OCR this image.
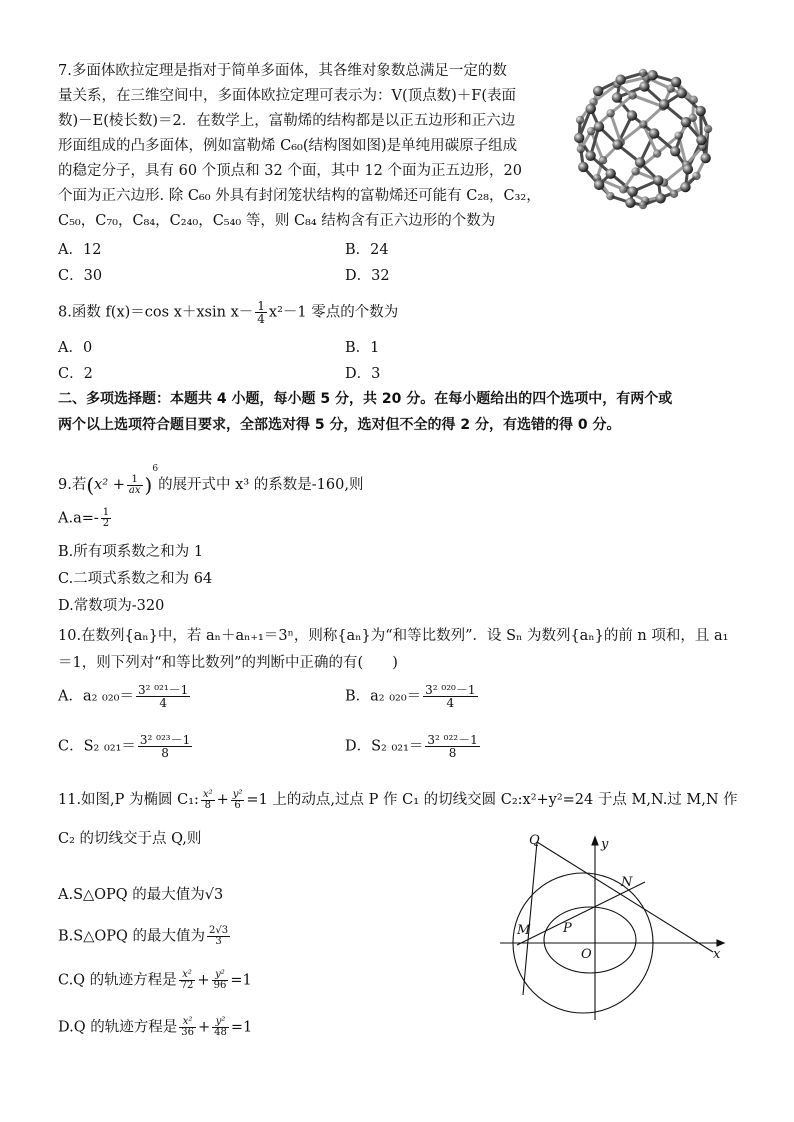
7.多面体欧拉定理是指对于简单多面体，其各维对象数总满足一定的数
量关系，在三维空间中，多面体欧拉定理可表示为：V(顶点数)＋F(表面
数)－E(棱长数)＝2．在数学上，富勒烯的结构都是以正五边形和正六边
形面组成的凸多面体，例如富勒烯 C₆₀(结构图如图)是单纯用碳原子组成
的稳定分子，具有 60 个顶点和 32 个面，其中 12 个面为正五边形，20
个面为正六边形. 除 C₆₀ 外具有封闭笼状结构的富勒烯还可能有 C₂₈，C₃₂，
C₅₀，C₇₀，C₈₄，C₂₄₀，C₅₄₀ 等，则 C₈₄ 结构含有正六边形的个数为
A．12	B．24
C．30	D．32
8.函数 f(x)＝cos x＋xsin $x- \frac{1}{4} x^2-1$ 零点的个数为
A．0	B．1
C．2	D．3
二、多项选择题：本题共 4 小题，每小题 5 分，共 20 分。在每小题给出的四个选项中，有两个或
两个以上选项符合题目要求，全部选对得 5 分，选对但不全的得 2 分，有选错的得 0 分。
9.若$(x^2 + \frac{1}{ax} )^6$的展开式中 x³ 的系数是-160,则
$A.a=- \frac{1}{2}$
B.所有项系数之和为 1
C.二项式系数之和为 64
D.常数项为-320
10.在数列{aₙ}中，若 aₙ＋aₙ₊₁＝3ⁿ，则称{aₙ}为“和等比数列”．设 Sₙ 为数列{aₙ}的前 n 项和，且 a₁
＝1，则下列对“和等比数列”的判断中正确的有(　　)
A．a₂ $_{020}= \frac{\text{3² ⁰²¹－1}}{4}$	B．a₂ $_{020}= \frac{\text{3² ⁰²⁰－1}}{4}$
C．S₂ $_{021}= \frac{\text{3² ⁰²³－1}}{8}$	D．S₂ $_{021}= \frac{\text{3² ⁰²²－1}}{8}$
11.如图,P 为椭圆 C₁: $\frac{\text{x²}}{8} + \frac{\text{y²}}{6} =1$ 上的动点,过点 P 作 C₁ 的切线交圆 C₂:x²+y²=24 于点 M,N.过 M,N 作
C₂ 的切线交于点 Q,则
A.S△OPQ 的最大值为√3
B.S△OPQ 的最大值为 $\frac{2√3}{3}$
C.Q 的轨迹方程是 $\frac{\text{x²}}{72} + \frac{\text{y²}}{96} =1$
D.Q 的轨迹方程是 $\frac{\text{x²}}{36} + \frac{\text{y²}}{48} =1$
Q	y
N
M	P
O	x
